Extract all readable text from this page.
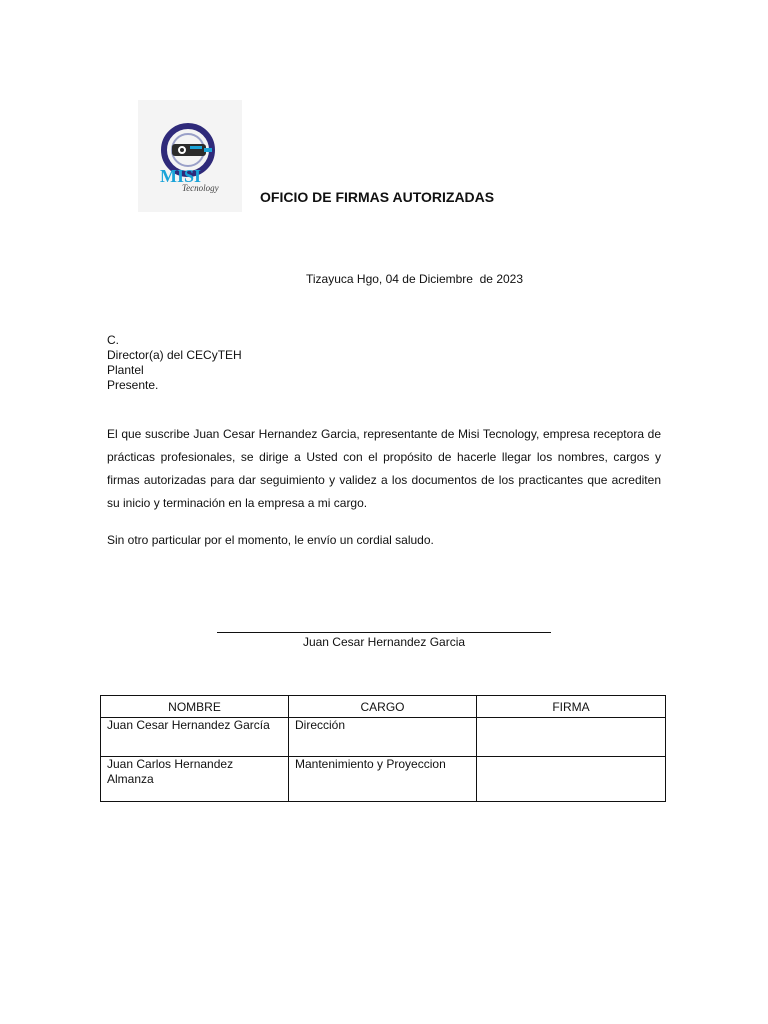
MISI
Tecnology
OFICIO DE FIRMAS AUTORIZADAS
Tizayuca Hgo, 04 de Diciembre  de 2023
C.
Director(a) del CECyTEH
Plantel
Presente.

El que suscribe Juan Cesar Hernandez Garcia, representante de Misi Tecnology, empresa receptora de prácticas profesionales, se dirige a Usted con el propósito de hacerle llegar los nombres, cargos y firmas autorizadas para dar seguimiento y validez a los documentos de los practicantes que acrediten su inicio y terminación en la empresa a mi cargo.

Sin otro particular por el momento, le envío un cordial saludo.
Juan Cesar Hernandez Garcia
NOMBRE	CARGO	FIRMA
Juan Cesar Hernandez García	Dirección	
Juan Carlos Hernandez Almanza	Mantenimiento y Proyeccion	
